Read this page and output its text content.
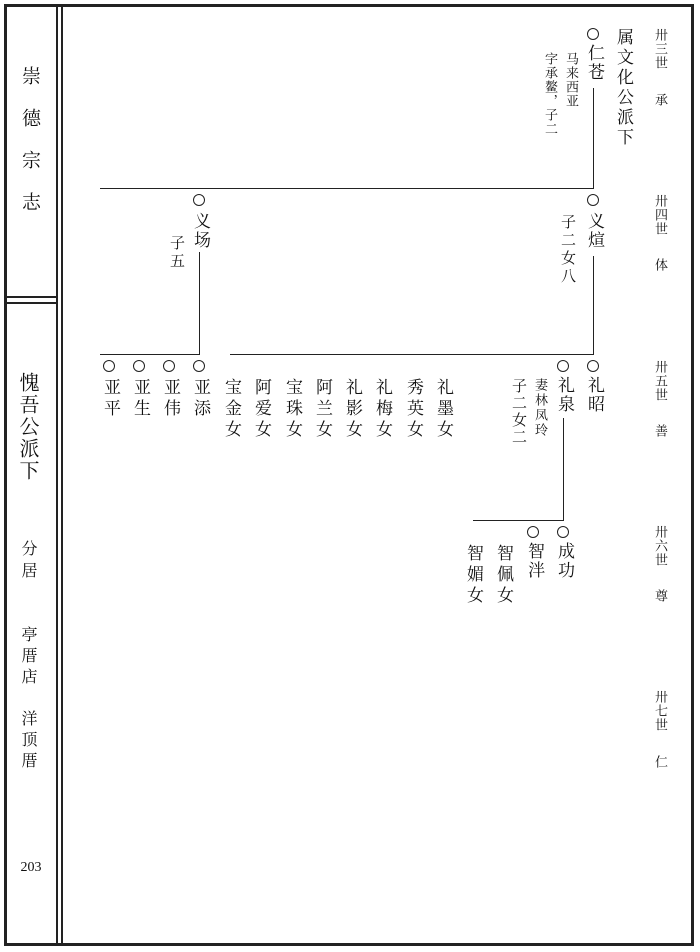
崇德宗志
愧吾公派下
分居
亭厝店
洋顶厝
203
卅三世
承
卅四世
体
卅五世
善
卅六世
尊
卅七世
仁
属文化公派下
仁苍
马来西亚
字承鳌，子二
义煊
子二女八
义场
子五
礼昭
礼泉
妻林凤玲
子二女二
礼墨女
秀英女
礼梅女
礼影女
阿兰女
宝珠女
阿爱女
宝金女
亚添
亚伟
亚生
亚平
成功
智泮
智佩女
智媚女
